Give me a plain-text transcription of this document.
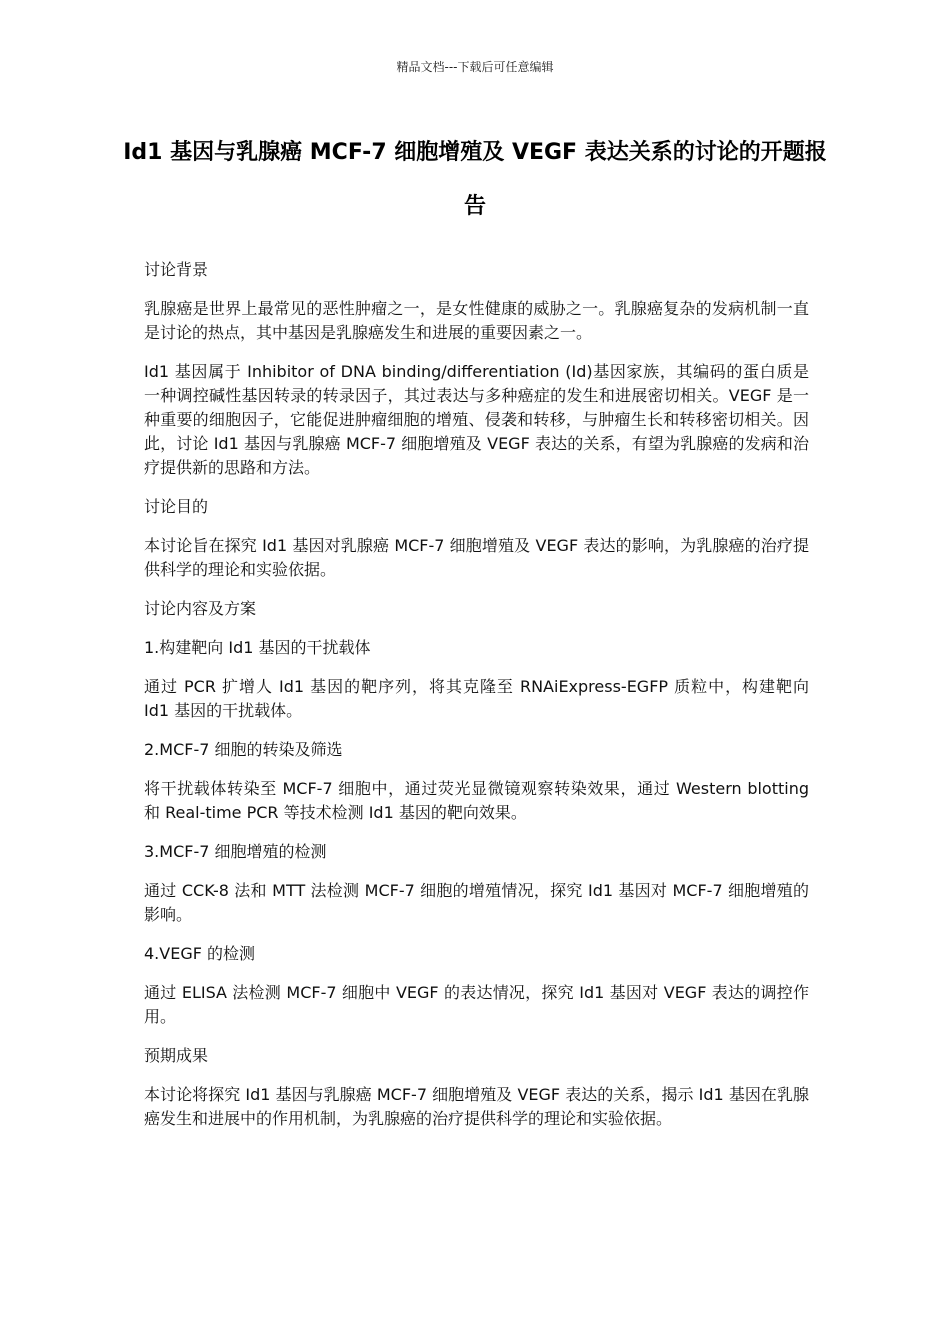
精品文档---下载后可任意编辑
Id1 基因与乳腺癌 MCF-7 细胞增殖及 VEGF 表达关系的讨论的开题报告

讨论背景

乳腺癌是世界上最常见的恶性肿瘤之一，是女性健康的威胁之一。乳腺癌复杂的发病机制一直是讨论的热点，其中基因是乳腺癌发生和进展的重要因素之一。

Id1 基因属于 Inhibitor of DNA binding/differentiation (Id)基因家族，其编码的蛋白质是一种调控碱性基因转录的转录因子，其过表达与多种癌症的发生和进展密切相关。VEGF 是一种重要的细胞因子，它能促进肿瘤细胞的增殖、侵袭和转移，与肿瘤生长和转移密切相关。因此，讨论 Id1 基因与乳腺癌 MCF-7 细胞增殖及 VEGF 表达的关系，有望为乳腺癌的发病和治疗提供新的思路和方法。

讨论目的

本讨论旨在探究 Id1 基因对乳腺癌 MCF-7 细胞增殖及 VEGF 表达的影响，为乳腺癌的治疗提供科学的理论和实验依据。

讨论内容及方案

1.构建靶向 Id1 基因的干扰载体

通过 PCR 扩增人 Id1 基因的靶序列，将其克隆至 RNAiExpress-EGFP 质粒中，构建靶向 Id1 基因的干扰载体。

2.MCF-7 细胞的转染及筛选

将干扰载体转染至 MCF-7 细胞中，通过荧光显微镜观察转染效果，通过 Western blotting 和 Real-time PCR 等技术检测 Id1 基因的靶向效果。

3.MCF-7 细胞增殖的检测

通过 CCK-8 法和 MTT 法检测 MCF-7 细胞的增殖情况，探究 Id1 基因对 MCF-7 细胞增殖的影响。

4.VEGF 的检测

通过 ELISA 法检测 MCF-7 细胞中 VEGF 的表达情况，探究 Id1 基因对 VEGF 表达的调控作用。

预期成果

本讨论将探究 Id1 基因与乳腺癌 MCF-7 细胞增殖及 VEGF 表达的关系，揭示 Id1 基因在乳腺癌发生和进展中的作用机制，为乳腺癌的治疗提供科学的理论和实验依据。
